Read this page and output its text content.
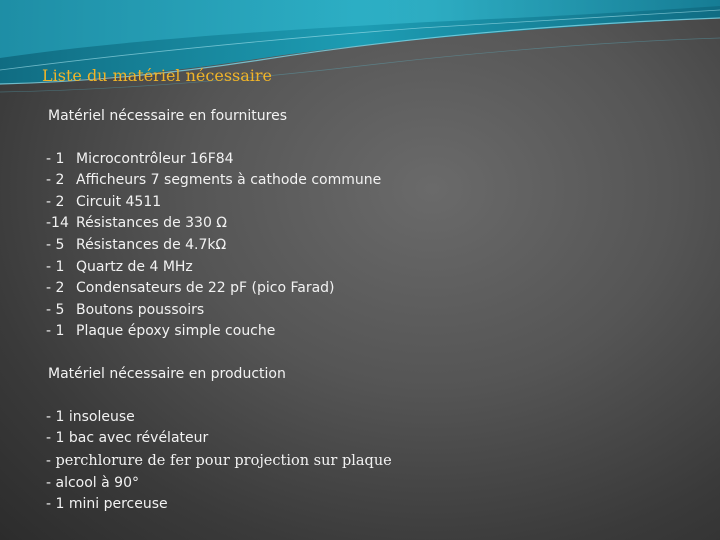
Liste du matériel nécessaire
Matériel nécessaire en fournitures
- 1 Microcontrôleur 16F84
- 2 Afficheurs 7 segments à cathode commune
- 2 Circuit 4511
-14 Résistances de 330 Ω
- 5 Résistances de 4.7kΩ
- 1 Quartz de 4 MHz
- 2 Condensateurs de 22 pF (pico Farad)
- 5 Boutons poussoirs
- 1 Plaque époxy simple couche
Matériel nécessaire en production
- 1 insoleuse
- 1 bac avec révélateur
- perchlorure de fer pour projection sur plaque
- alcool à 90°
- 1 mini perceuse
